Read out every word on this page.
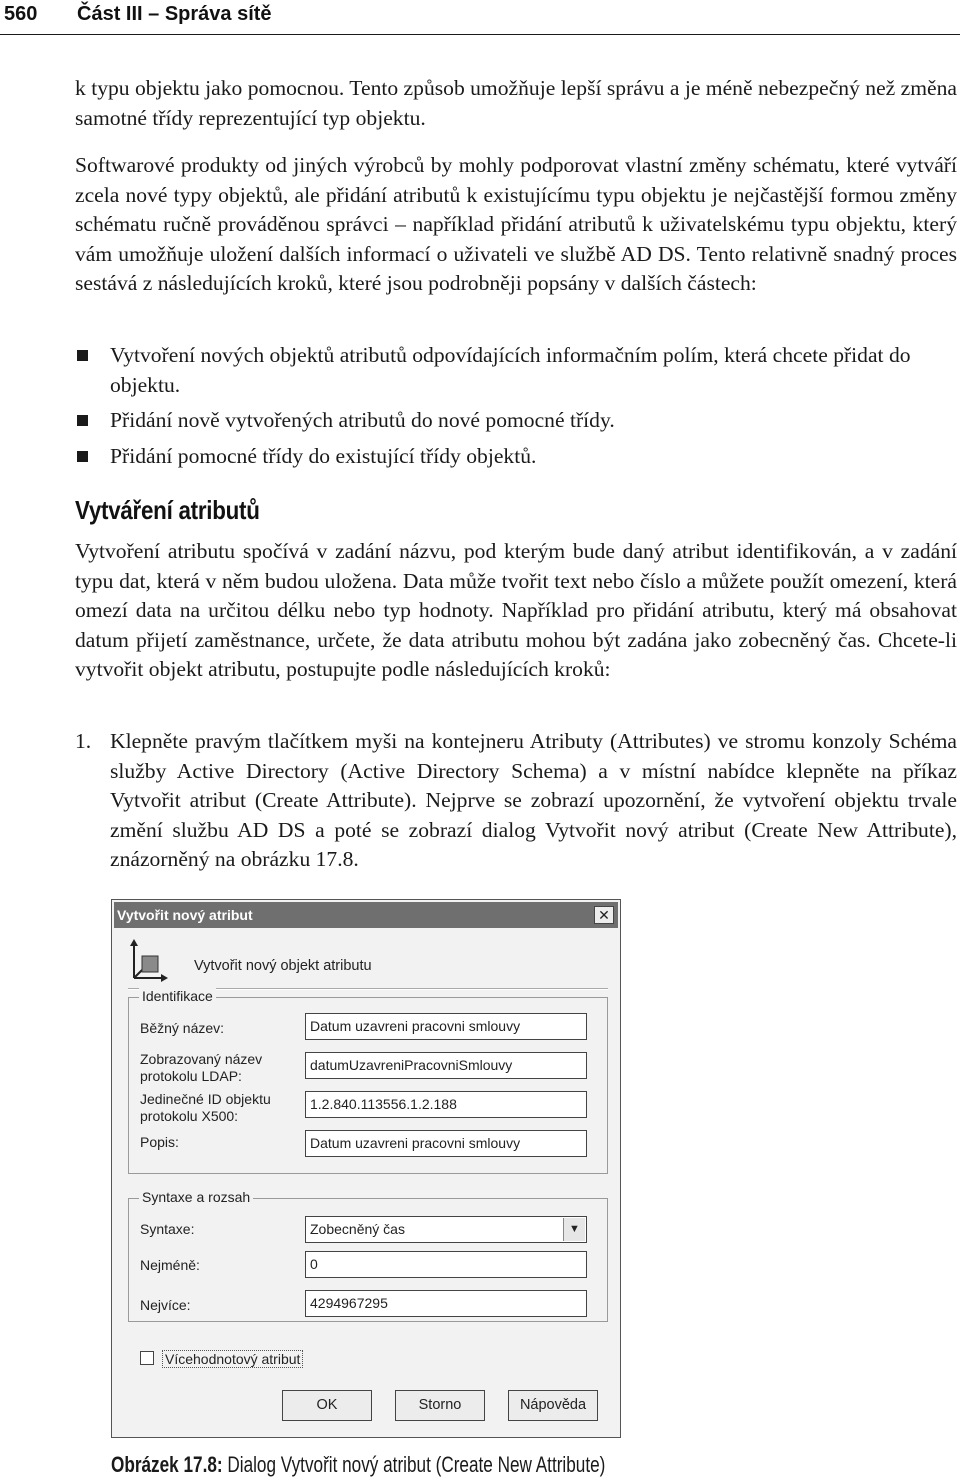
560 Část III – Správa sítě

k typu objektu jako pomocnou. Tento způsob umožňuje lepší správu a je méně nebezpečný než změna samotné třídy reprezentující typ objektu.

Softwarové produkty od jiných výrobců by mohly podporovat vlastní změny schématu, které vytváří zcela nové typy objektů, ale přidání atributů k existujícímu typu objektu je nejčastější formou změny schématu ručně prováděnou správci – například přidání atributů k uživatelskému typu objektu, který vám umožňuje uložení dalších informací o uživateli ve službě AD DS. Tento relativně snadný proces sestává z následujících kroků, které jsou podrobněji popsány v dalších částech:

Vytvoření nových objektů atributů odpovídajících informačním polím, která chcete přidat do objektu.
Přidání nově vytvořených atributů do nové pomocné třídy.
Přidání pomocné třídy do existující třídy objektů.
Vytváření atributů

Vytvoření atributu spočívá v zadání názvu, pod kterým bude daný atribut identifikován, a v zadání typu dat, která v něm budou uložena. Data může tvořit text nebo číslo a můžete použít omezení, která omezí data na určitou délku nebo typ hodnoty. Například pro přidání atributu, který má obsahovat datum přijetí zaměstnance, určete, že data atributu mohou být zadána jako zobecněný čas. Chcete-li vytvořit objekt atributu, postupujte podle následujících kroků:

1. Klepněte pravým tlačítkem myši na kontejneru Atributy (Attributes) ve stromu konzoly Schéma služby Active Directory (Active Directory Schema) a v místní nabídce klepněte na příkaz Vytvořit atribut (Create Attribute). Nejprve se zobrazí upozornění, že vytvoření objektu trvale změní službu AD DS a poté se zobrazí dialog Vytvořit nový atribut (Create New Attribute), znázorněný na obrázku 17.8.
Vytvořit nový atribut	✕
Vytvořit nový objekt atributu
Identifikace
Běžný název:	Datum uzavreni pracovni smlouvy
Zobrazovaný název protokolu LDAP:
datumUzavreniPracovniSmlouvy
Jedinečné ID objektu protokolu X500:
1.2.840.113556.1.2.188
Popis:	Datum uzavreni pracovni smlouvy
Syntaxe a rozsah
Syntaxe:	Zobecněný čas	▼
Nejméně:	0
Nejvíce:	4294967295
Vícehodnotový atribut
OK	Storno	Nápověda
Obrázek 17.8: Dialog Vytvořit nový atribut (Create New Attribute)
